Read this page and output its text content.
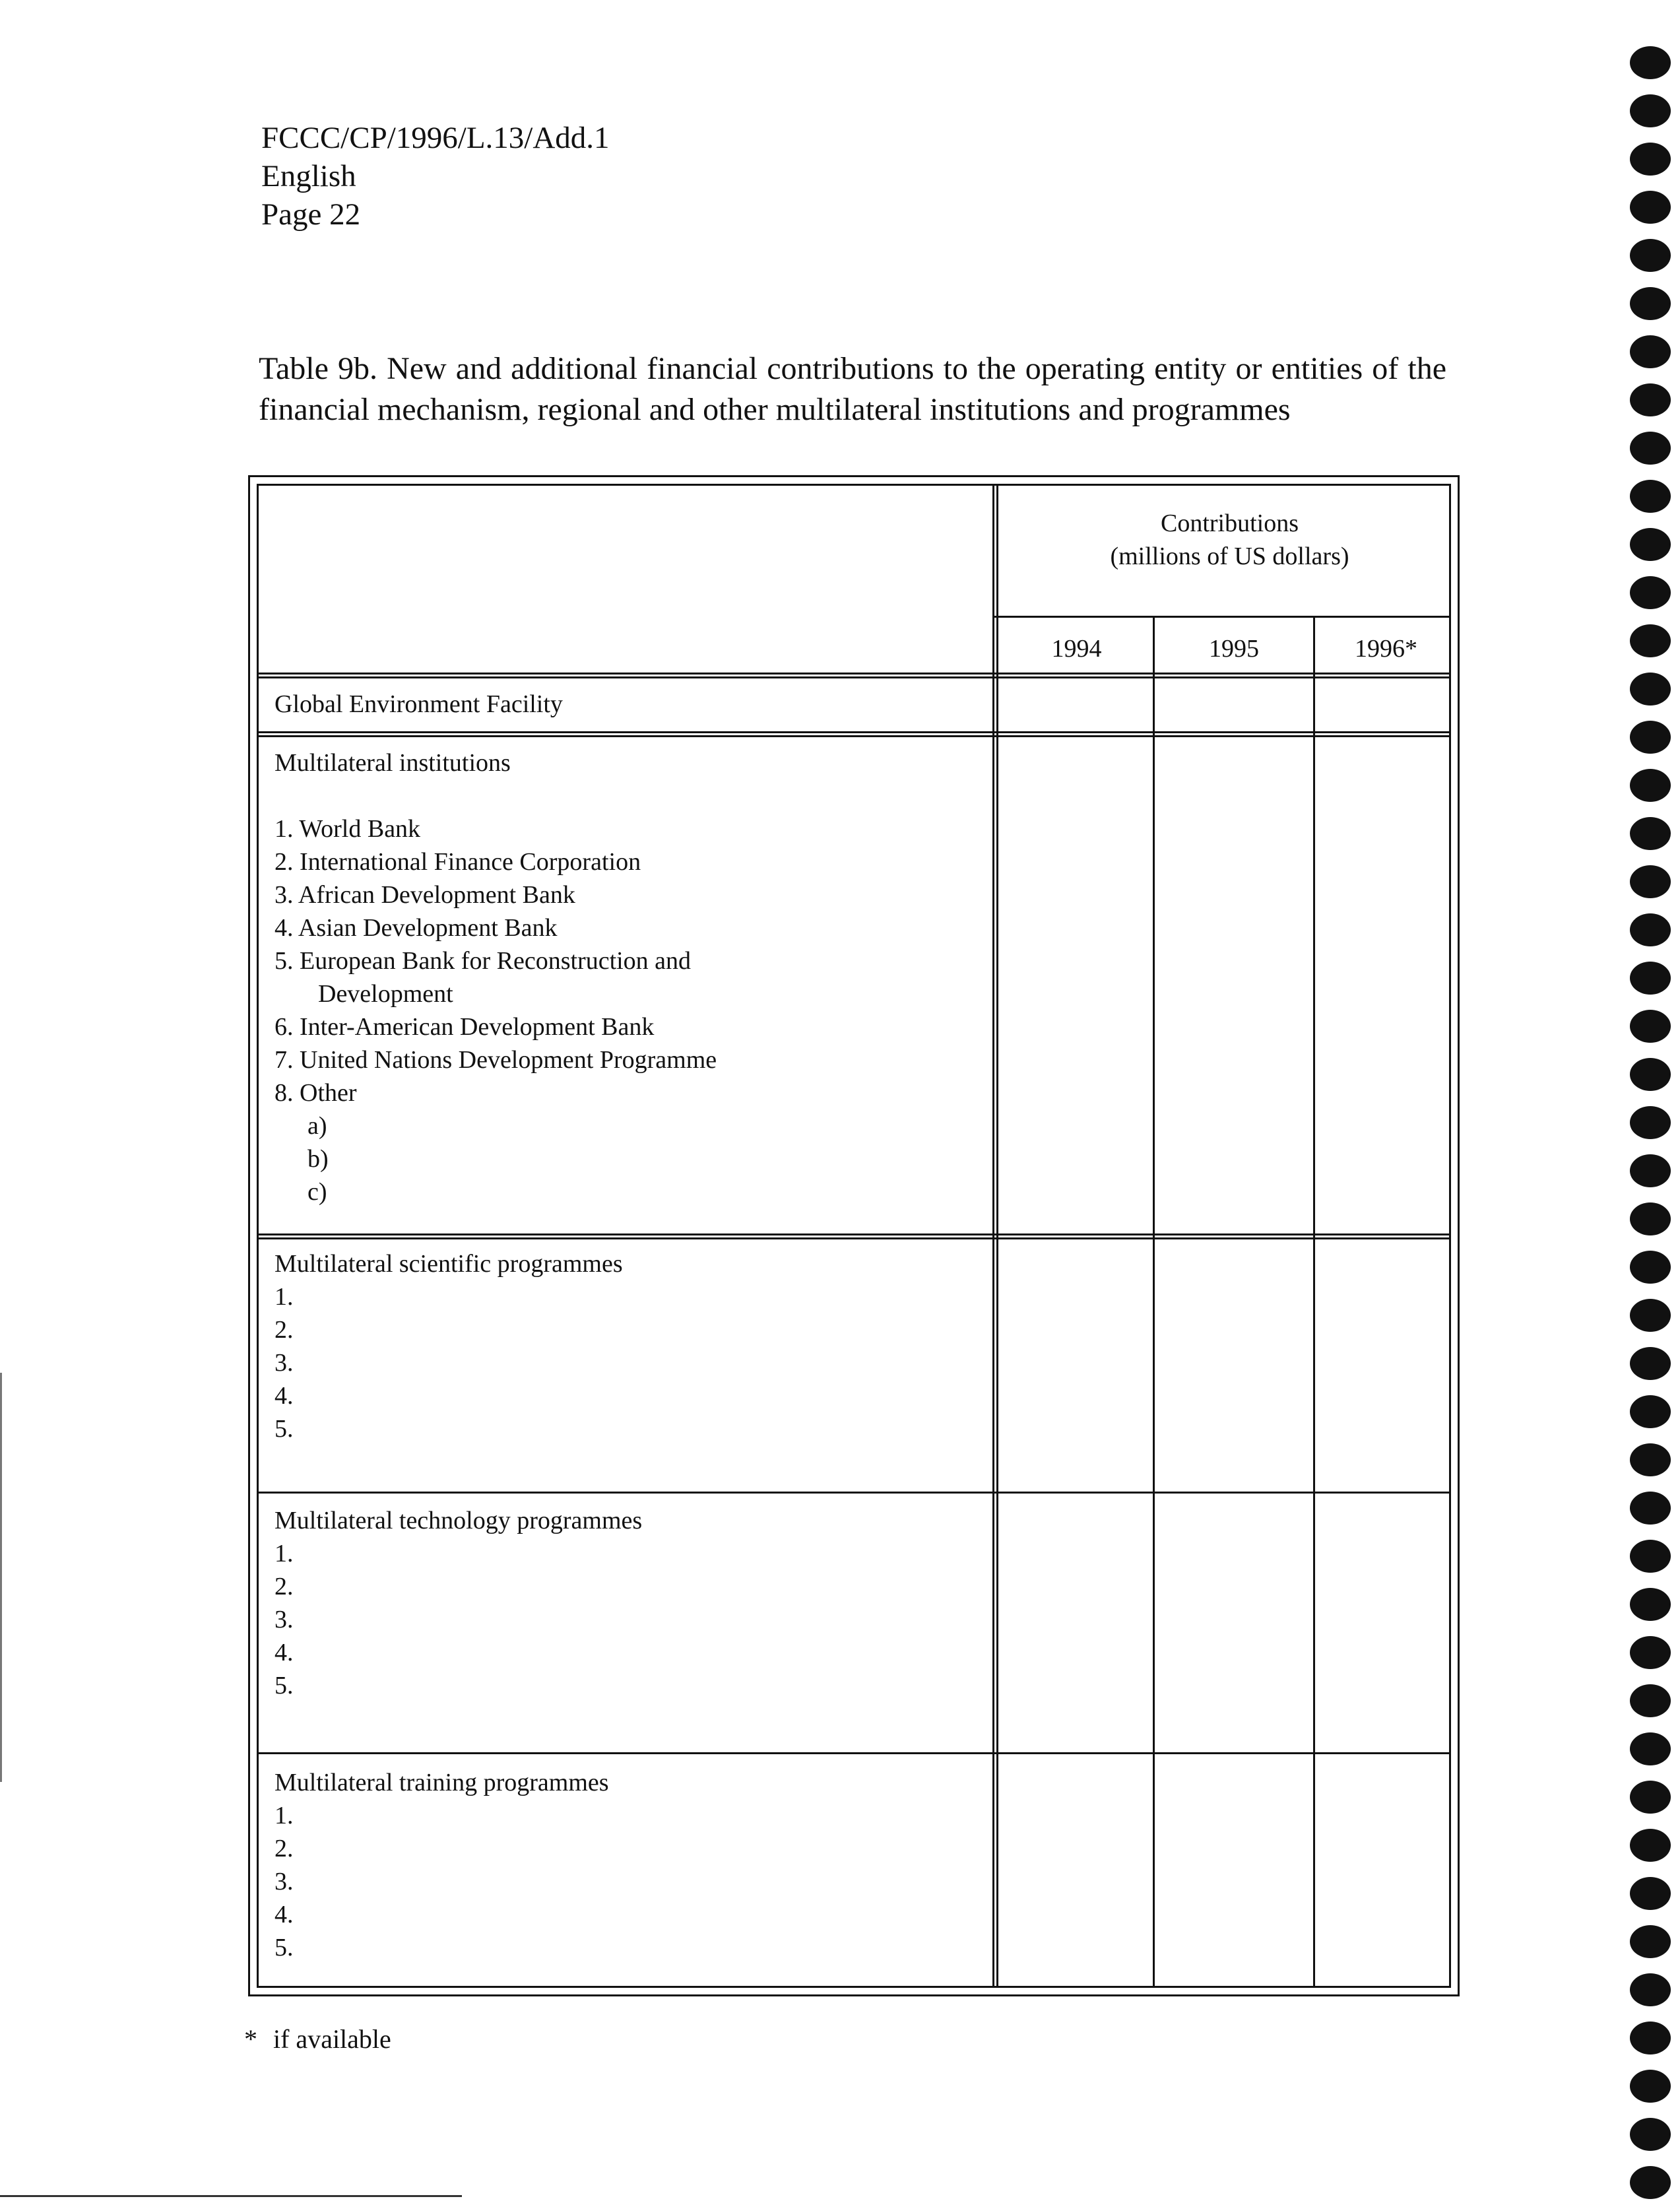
FCCC/CP/1996/L.13/Add.1
English
Page 22
Table 9b. New and additional financial contributions to the operating entity or entities of the financial mechanism, regional and other multilateral institutions and programmes
Contributions
(millions of US dollars)
1994	1995	1996*
Global Environment Facility
Multilateral institutions
1. World Bank
2. International Finance Corporation
3. African Development Bank
4. Asian Development Bank
5. European Bank for Reconstruction and
Development
6. Inter-American Development Bank
7. United Nations Development Programme
8. Other
a)
b)
c)
Multilateral scientific programmes
1.
2.
3.
4.
5.
Multilateral technology programmes
1.
2.
3.
4.
5.
Multilateral training programmes
1.
2.
3.
4.
5.
* if available
